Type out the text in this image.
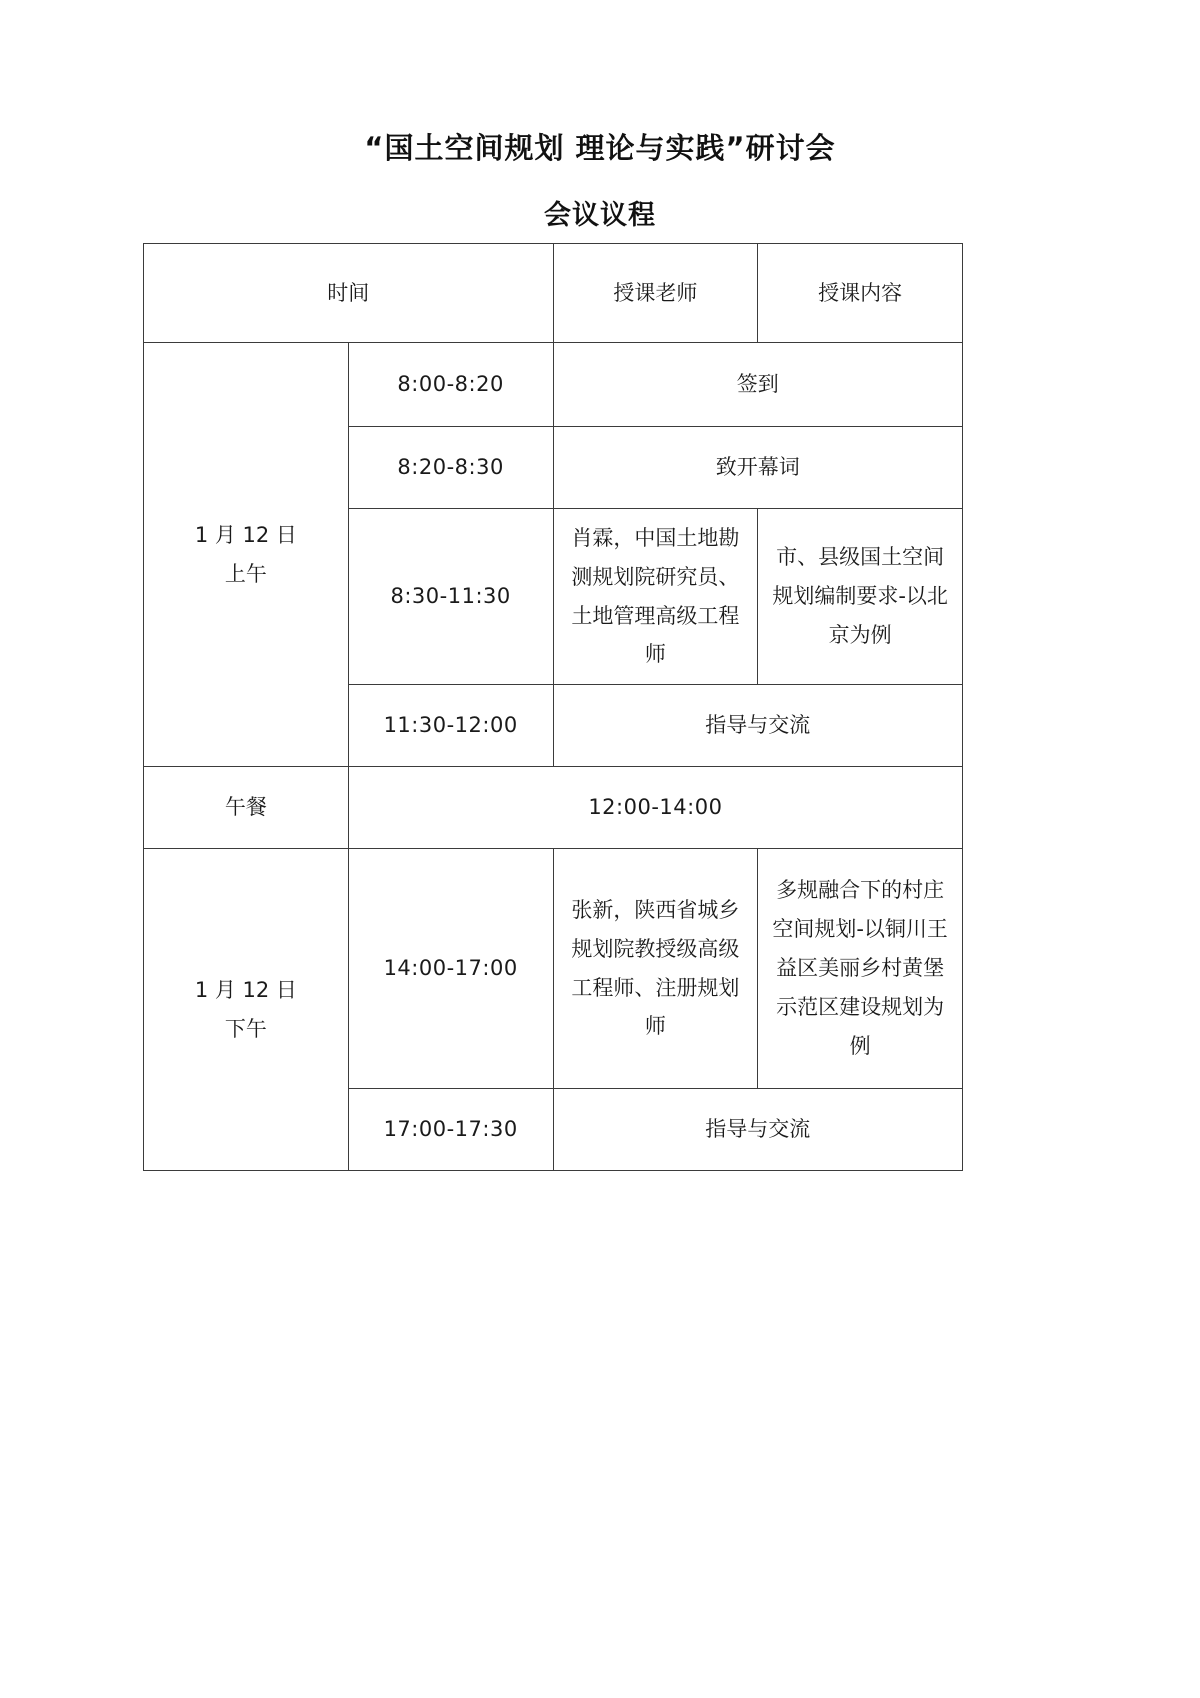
“国土空间规划 理论与实践”研讨会
会议议程
时间		授课老师	授课内容

1 月 12 日
上午	8:00-8:20	签到	
	8:20-8:30	致开幕词	
	8:30-11:30	肖霖，中国土地勘测规划院研究员、土地管理高级工程师	市、县级国土空间规划编制要求-以北京为例
	11:30-12:00	指导与交流	
午餐	12:00-14:00		

1 月 12 日
下午	14:00-17:00	张新，陕西省城乡规划院教授级高级工程师、注册规划师	多规融合下的村庄空间规划-以铜川王益区美丽乡村黄堡示范区建设规划为例
	17:00-17:30	指导与交流	
